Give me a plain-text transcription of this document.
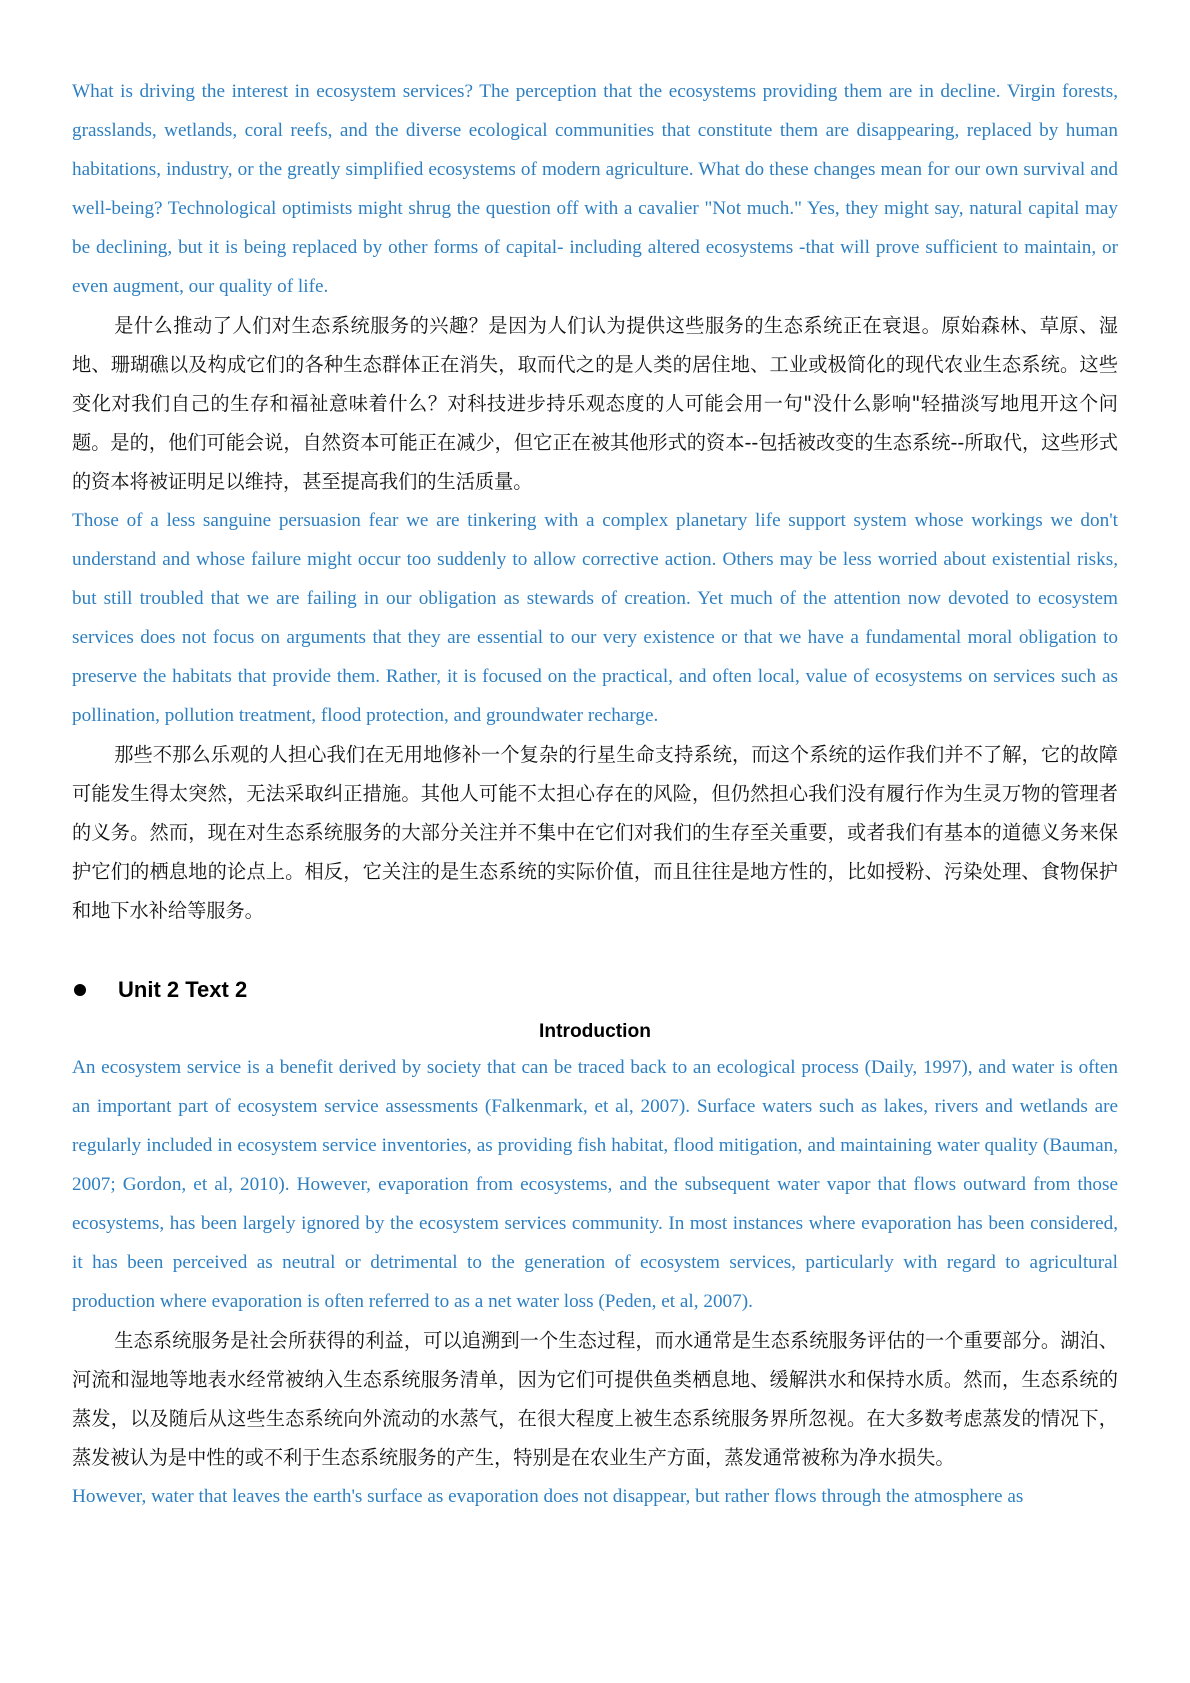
What is driving the interest in ecosystem services? The perception that the ecosystems providing them are in decline. Virgin forests, grasslands, wetlands, coral reefs, and the diverse ecological communities that constitute them are disappearing, replaced by human habitations, industry, or the greatly simplified ecosystems of modern agriculture. What do these changes mean for our own survival and well-being? Technological optimists might shrug the question off with a cavalier "Not much." Yes, they might say, natural capital may be declining, but it is being replaced by other forms of capital- including altered ecosystems -that will prove sufficient to maintain, or even augment, our quality of life.

是什么推动了人们对生态系统服务的兴趣？是因为人们认为提供这些服务的生态系统正在衰退。原始森林、草原、湿地、珊瑚礁以及构成它们的各种生态群体正在消失，取而代之的是人类的居住地、工业或极简化的现代农业生态系统。这些变化对我们自己的生存和福祉意味着什么？对科技进步持乐观态度的人可能会用一句"没什么影响"轻描淡写地甩开这个问题。是的，他们可能会说，自然资本可能正在减少，但它正在被其他形式的资本--包括被改变的生态系统--所取代，这些形式的资本将被证明足以维持，甚至提高我们的生活质量。

Those of a less sanguine persuasion fear we are tinkering with a complex planetary life support system whose workings we don't understand and whose failure might occur too suddenly to allow corrective action. Others may be less worried about existential risks, but still troubled that we are failing in our obligation as stewards of creation. Yet much of the attention now devoted to ecosystem services does not focus on arguments that they are essential to our very existence or that we have a fundamental moral obligation to preserve the habitats that provide them. Rather, it is focused on the practical, and often local, value of ecosystems on services such as pollination, pollution treatment, flood protection, and groundwater recharge.

那些不那么乐观的人担心我们在无用地修补一个复杂的行星生命支持系统，而这个系统的运作我们并不了解，它的故障可能发生得太突然，无法采取纠正措施。其他人可能不太担心存在的风险，但仍然担心我们没有履行作为生灵万物的管理者的义务。然而，现在对生态系统服务的大部分关注并不集中在它们对我们的生存至关重要，或者我们有基本的道德义务来保护它们的栖息地的论点上。相反，它关注的是生态系统的实际价值，而且往往是地方性的，比如授粉、污染处理、食物保护和地下水补给等服务。

Unit 2 Text 2
Introduction

An ecosystem service is a benefit derived by society that can be traced back to an ecological process (Daily, 1997), and water is often an important part of ecosystem service assessments (Falkenmark, et al, 2007). Surface waters such as lakes, rivers and wetlands are regularly included in ecosystem service inventories, as providing fish habitat, flood mitigation, and maintaining water quality (Bauman, 2007; Gordon, et al, 2010). However, evaporation from ecosystems, and the subsequent water vapor that flows outward from those ecosystems, has been largely ignored by the ecosystem services community. In most instances where evaporation has been considered, it has been perceived as neutral or detrimental to the generation of ecosystem services, particularly with regard to agricultural production where evaporation is often referred to as a net water loss (Peden, et al, 2007).

生态系统服务是社会所获得的利益，可以追溯到一个生态过程，而水通常是生态系统服务评估的一个重要部分。湖泊、河流和湿地等地表水经常被纳入生态系统服务清单，因为它们可提供鱼类栖息地、缓解洪水和保持水质。然而，生态系统的蒸发，以及随后从这些生态系统向外流动的水蒸气，在很大程度上被生态系统服务界所忽视。在大多数考虑蒸发的情况下，蒸发被认为是中性的或不利于生态系统服务的产生，特别是在农业生产方面，蒸发通常被称为净水损失。

However, water that leaves the earth's surface as evaporation does not disappear, but rather flows through the atmosphere as
